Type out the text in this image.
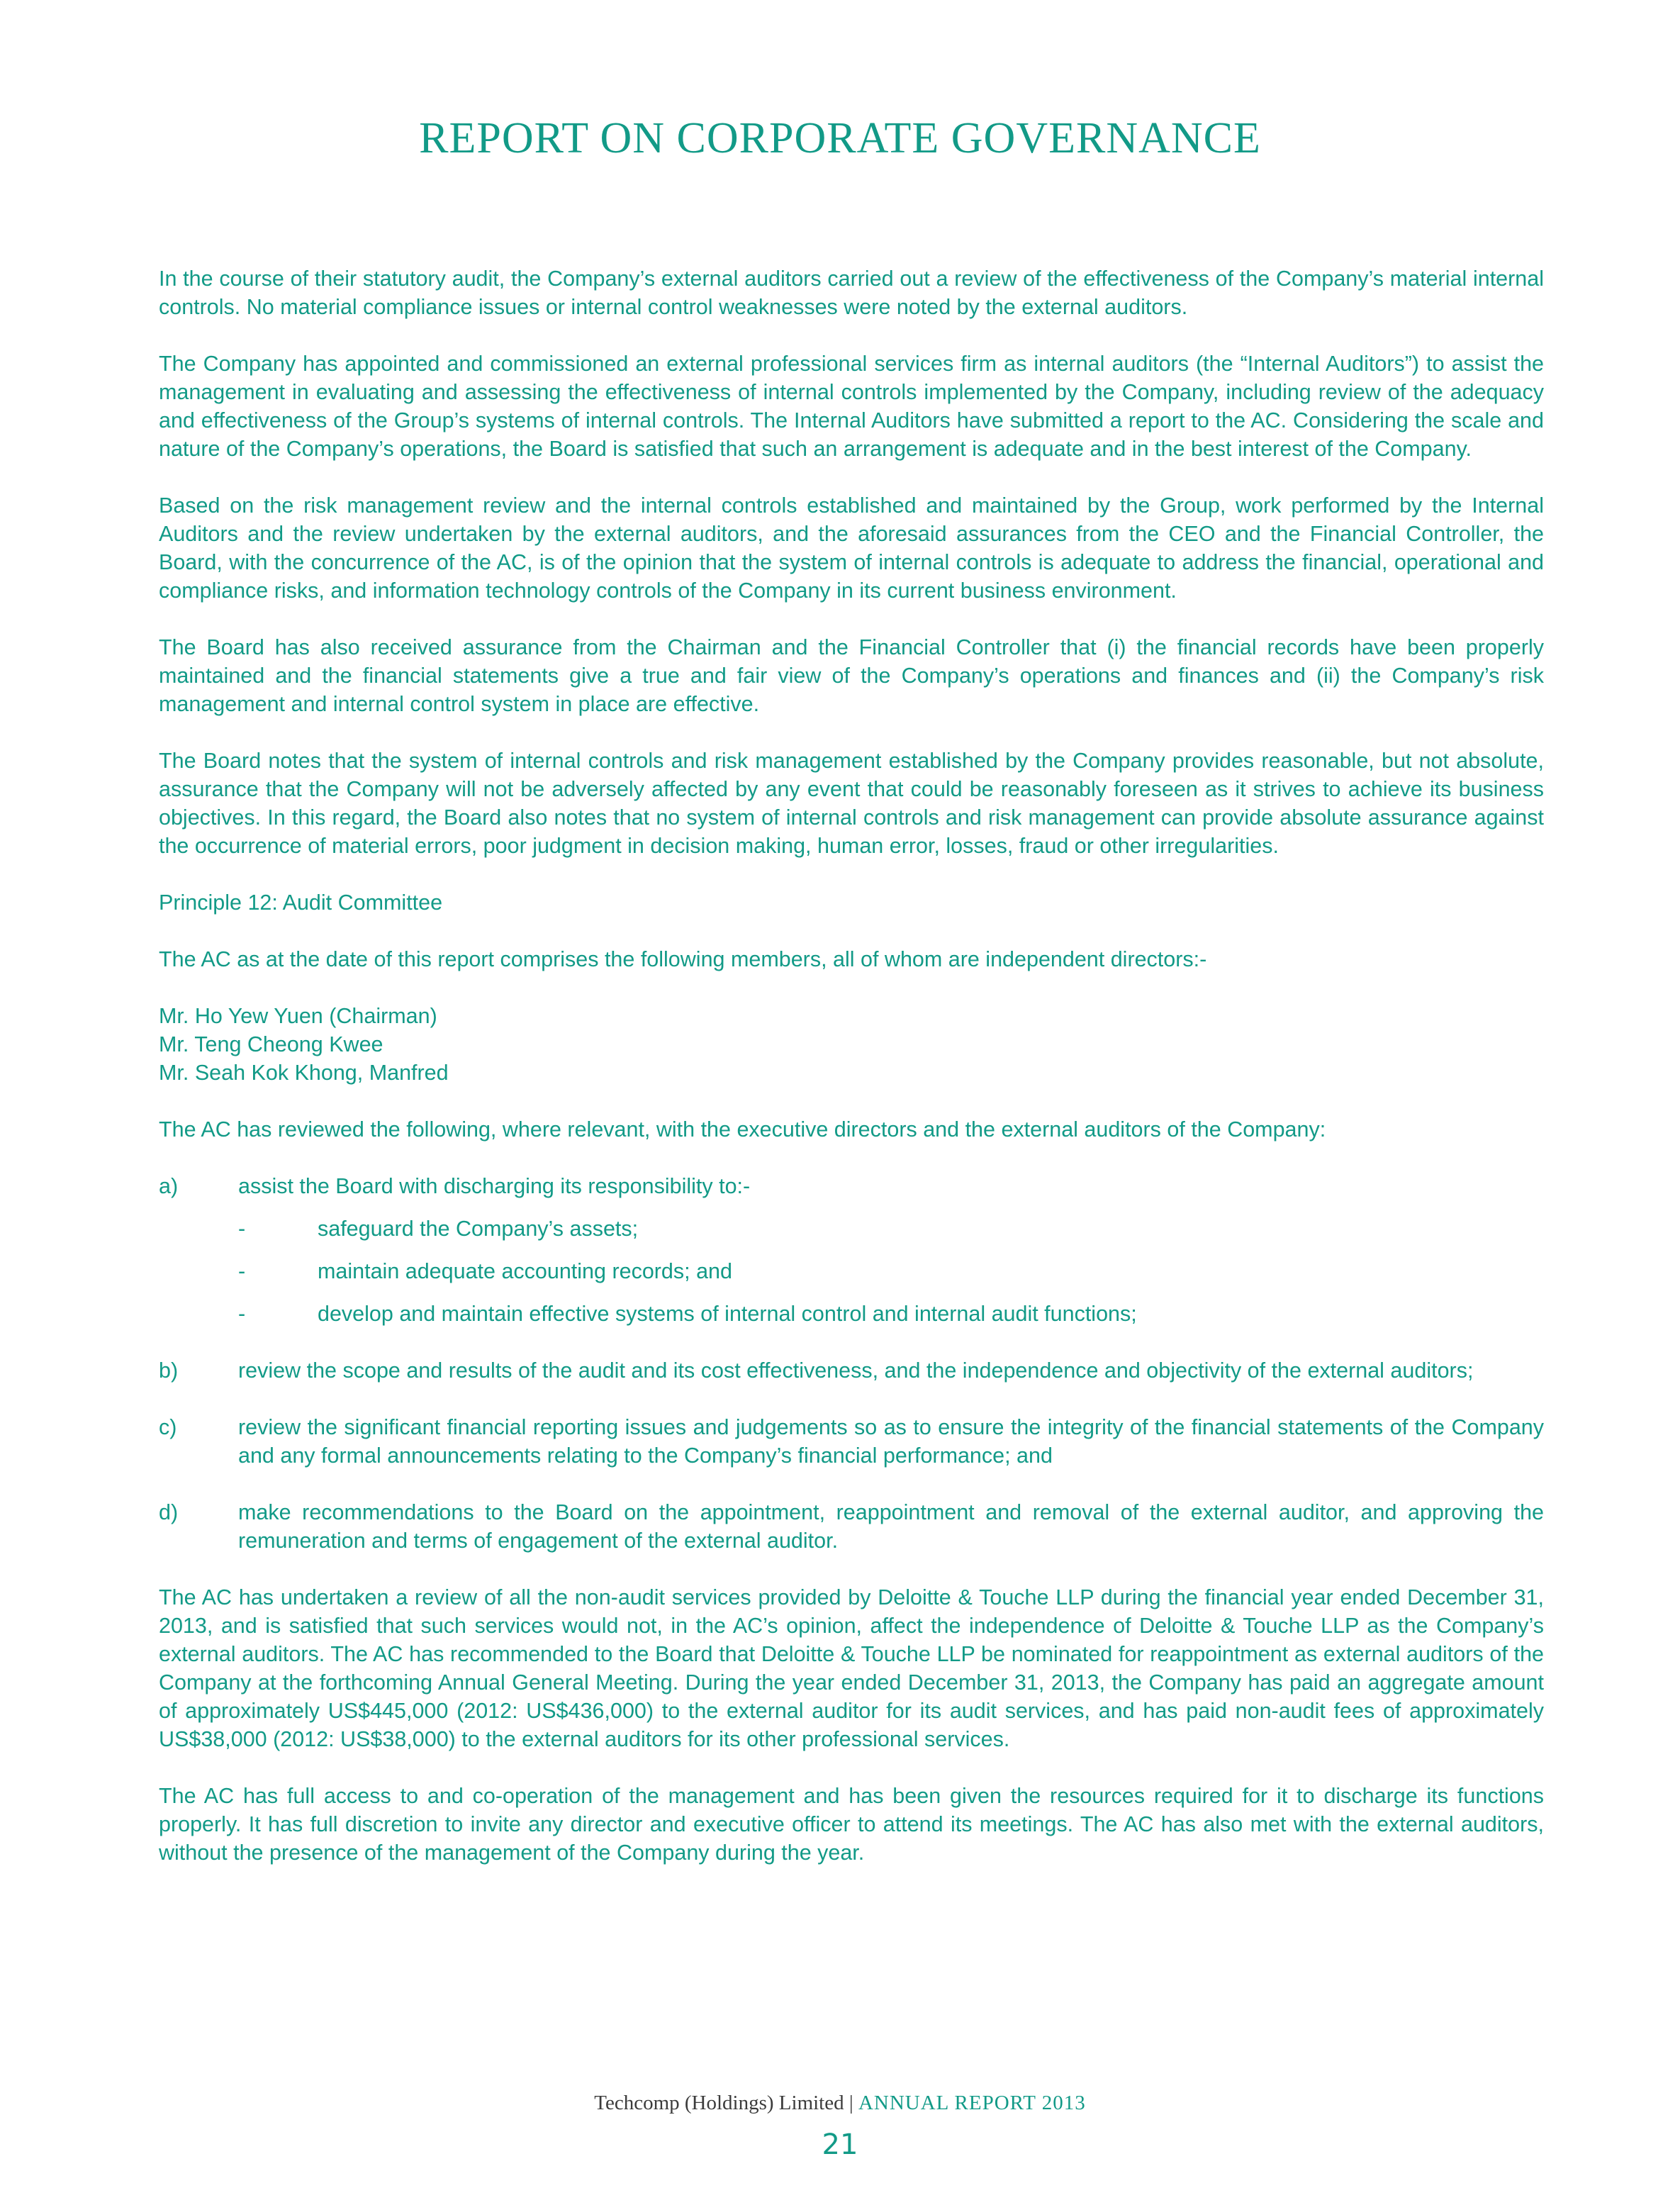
REPORT ON CORPORATE GOVERNANCE

In the course of their statutory audit, the Company’s external auditors carried out a review of the effectiveness of the Company’s material internal controls. No material compliance issues or internal control weaknesses were noted by the external auditors.

The Company has appointed and commissioned an external professional services firm as internal auditors (the “Internal Auditors”) to assist the management in evaluating and assessing the effectiveness of internal controls implemented by the Company, including review of the adequacy and effectiveness of the Group’s systems of internal controls. The Internal Auditors have submitted a report to the AC. Considering the scale and nature of the Company’s operations, the Board is satisfied that such an arrangement is adequate and in the best interest of the Company.

Based on the risk management review and the internal controls established and maintained by the Group, work performed by the Internal Auditors and the review undertaken by the external auditors, and the aforesaid assurances from the CEO and the Financial Controller, the Board, with the concurrence of the AC, is of the opinion that the system of internal controls is adequate to address the financial, operational and compliance risks, and information technology controls of the Company in its current business environment.

The Board has also received assurance from the Chairman and the Financial Controller that (i) the financial records have been properly maintained and the financial statements give a true and fair view of the Company’s operations and finances and (ii) the Company’s risk management and internal control system in place are effective.

The Board notes that the system of internal controls and risk management established by the Company provides reasonable, but not absolute, assurance that the Company will not be adversely affected by any event that could be reasonably foreseen as it strives to achieve its business objectives. In this regard, the Board also notes that no system of internal controls and risk management can provide absolute assurance against the occurrence of material errors, poor judgment in decision making, human error, losses, fraud or other irregularities.

Principle 12: Audit Committee

The AC as at the date of this report comprises the following members, all of whom are independent directors:-

Mr. Ho Yew Yuen (Chairman)

Mr. Teng Cheong Kwee

Mr. Seah Kok Khong, Manfred

The AC has reviewed the following, where relevant, with the executive directors and the external auditors of the Company:

a)	assist the Board with discharging its responsibility to:-
-	safeguard the Company’s assets;
-	maintain adequate accounting records; and
-	develop and maintain effective systems of internal control and internal audit functions;
b)	review the scope and results of the audit and its cost effectiveness, and the independence and objectivity of the external auditors;
c)	review the significant financial reporting issues and judgements so as to ensure the integrity of the financial statements of the Company and any formal announcements relating to the Company’s financial performance; and
d)	make recommendations to the Board on the appointment, reappointment and removal of the external auditor, and approving the remuneration and terms of engagement of the external auditor.

The AC has undertaken a review of all the non-audit services provided by Deloitte & Touche LLP during the financial year ended December 31, 2013, and is satisfied that such services would not, in the AC’s opinion, affect the independence of Deloitte & Touche LLP as the Company’s external auditors. The AC has recommended to the Board that Deloitte & Touche LLP be nominated for reappointment as external auditors of the Company at the forthcoming Annual General Meeting. During the year ended December 31, 2013, the Company has paid an aggregate amount of approximately US$445,000 (2012: US$436,000) to the external auditor for its audit services, and has paid non-audit fees of approximately US$38,000 (2012: US$38,000) to the external auditors for its other professional services.

The AC has full access to and co-operation of the management and has been given the resources required for it to discharge its functions properly. It has full discretion to invite any director and executive officer to attend its meetings. The AC has also met with the external auditors, without the presence of the management of the Company during the year.

Techcomp (Holdings) Limited | ANNUAL REPORT 2013
21
